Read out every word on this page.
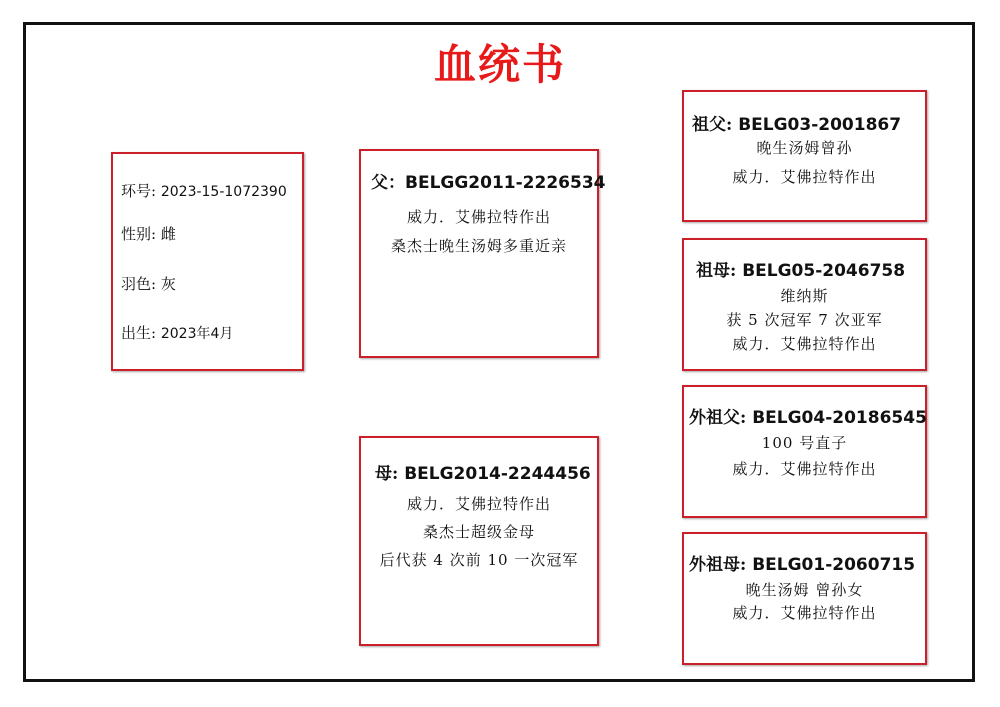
血统书
环号: 2023-15-1072390
性别: 雌
羽色: 灰
出生: 2023年4月
父：BELGG2011-2226534
威力．艾佛拉特作出
桑杰士晚生汤姆多重近亲
母: BELG2014-2244456
威力．艾佛拉特作出
桑杰士超级金母
后代获 4 次前 10 一次冠军
祖父: BELG03-2001867
晚生汤姆曾孙
威力．艾佛拉特作出
祖母: BELG05-2046758
维纳斯
获 5 次冠军 7 次亚军
威力．艾佛拉特作出
外祖父: BELG04-20186545
100 号直子
威力．艾佛拉特作出
外祖母: BELG01-2060715
晚生汤姆 曾孙女
威力．艾佛拉特作出
